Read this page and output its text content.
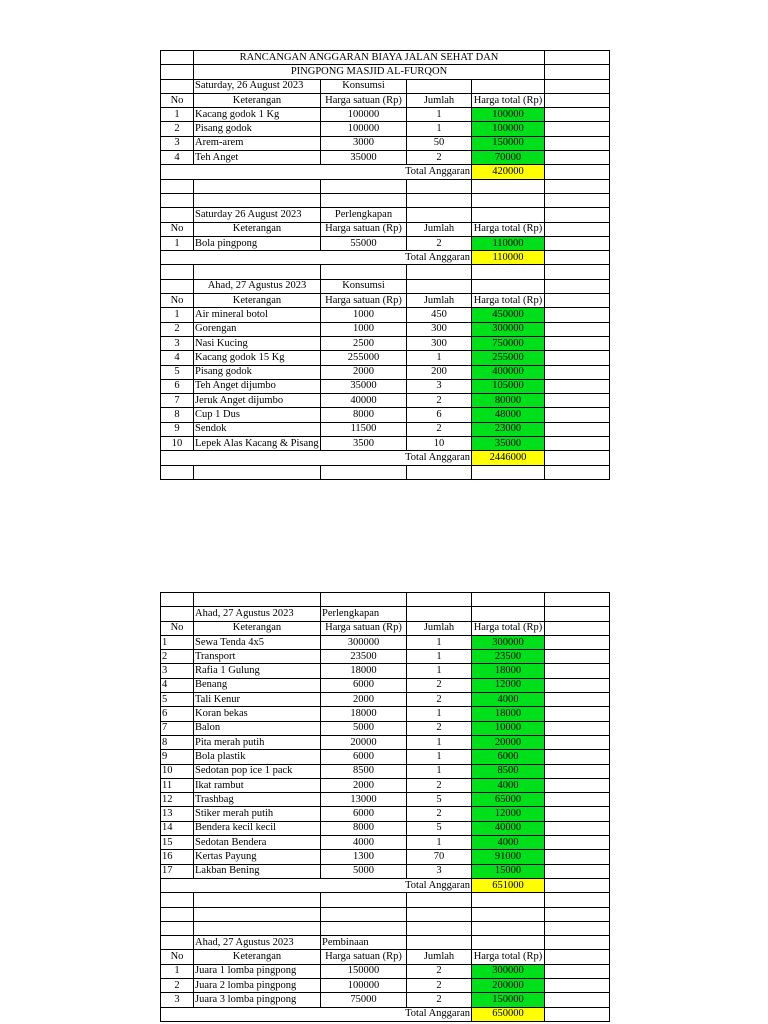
	RANCANGAN ANGGARAN BIAYA JALAN SEHAT DAN				
	PINGPONG MASJID AL-FURQON				
	Saturday, 26 August 2023	Konsumsi			
No	Keterangan	Harga satuan (Rp)	Jumlah	Harga total (Rp)	
1	Kacang godok 1 Kg	100000	1	100000	
2	Pisang godok	100000	1	100000	
3	Arem-arem	3000	50	150000	
4	Teh Anget	35000	2	70000	
Total Anggaran				420000	

	Saturday 26 August 2023	Perlengkapan			
No	Keterangan	Harga satuan (Rp)	Jumlah	Harga total (Rp)	
1	Bola pingpong	55000	2	110000	
Total Anggaran				110000	

	Ahad, 27 Agustus 2023	Konsumsi			
No	Keterangan	Harga satuan (Rp)	Jumlah	Harga total (Rp)	
1	Air mineral botol	1000	450	450000	
2	Gorengan	1000	300	300000	
3	Nasi Kucing	2500	300	750000	
4	Kacang godok 15 Kg	255000	1	255000	
5	Pisang godok	2000	200	400000	
6	Teh Anget dijumbo	35000	3	105000	
7	Jeruk Anget dijumbo	40000	2	80000	
8	Cup 1 Dus	8000	6	48000	
9	Sendok	11500	2	23000	
10	Lepek Alas Kacang & Pisang	3500	10	35000	
Total Anggaran				2446000	

	Ahad, 27 Agustus 2023	Perlengkapan			
No	Keterangan	Harga satuan (Rp)	Jumlah	Harga total (Rp)	
1	Sewa Tenda 4x5	300000	1	300000	
2	Transport	23500	1	23500	
3	Rafia 1 Gulung	18000	1	18000	
4	Benang	6000	2	12000	
5	Tali Kenur	2000	2	4000	
6	Koran bekas	18000	1	18000	
7	Balon	5000	2	10000	
8	Pita merah putih	20000	1	20000	
9	Bola plastik	6000	1	6000	
10	Sedotan pop ice 1 pack	8500	1	8500	
11	Ikat rambut	2000	2	4000	
12	Trashbag	13000	5	65000	
13	Stiker merah putih	6000	2	12000	
14	Bendera kecil kecil	8000	5	40000	
15	Sedotan Bendera	4000	1	4000	
16	Kertas Payung	1300	70	91000	
17	Lakban Bening	5000	3	15000	
Total Anggaran				651000	

	Ahad, 27 Agustus 2023	Pembinaan			
No	Keterangan	Harga satuan (Rp)	Jumlah	Harga total (Rp)	
1	Juara 1 lomba pingpong	150000	2	300000	
2	Juara 2 lomba pingpong	100000	2	200000	
3	Juara 3 lomba pingpong	75000	2	150000	
Total Anggaran				650000	
